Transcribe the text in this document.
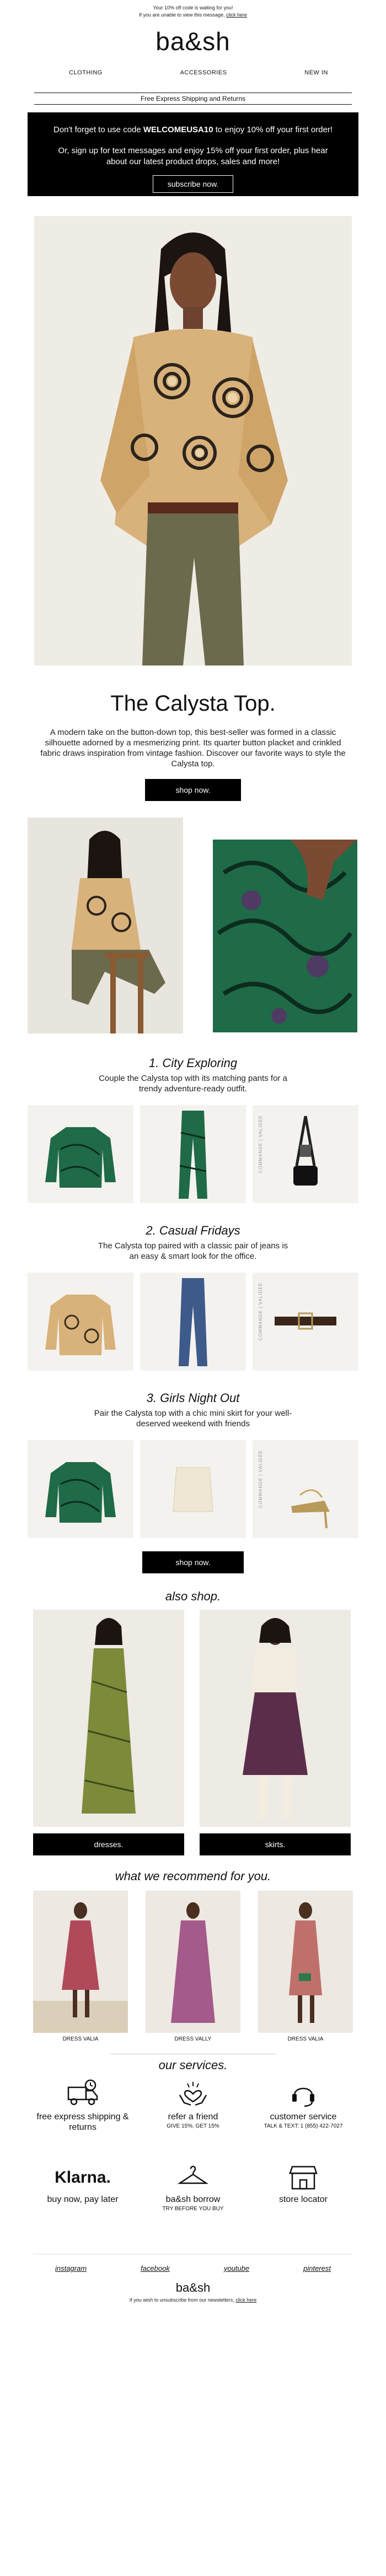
Your 10% off code is waiting for you!
If you are unable to view this message, click here
ba&sh
CLOTHING	ACCESSORIES	NEW IN
Free Express Shipping and Returns

Don't forget to use code WELCOMEUSA10 to enjoy 10% off your first order!

Or, sign up for text messages and enjoy 15% off your first order, plus hear about our latest product drops, sales and more!

subscribe now.
The Calysta Top.
A modern take on the button-down top, this best-seller was formed in a classic silhouette adorned by a mesmerizing print. Its quarter button placket and crinkled fabric draws inspiration from vintage fashion. Discover our favorite ways to style the Calysta top.
shop now.
1. City Exploring
Couple the Calysta top with its matching pants for a trendy adventure-ready outfit.
COMMANDE | VALIDÉE
2. Casual Fridays
The Calysta top paired with a classic pair of jeans is an easy & smart look for the office.
COMMANDE | VALIDÉE
3. Girls Night Out
Pair the Calysta top with a chic mini skirt for your well-deserved weekend with friends
COMMANDE | VALIDÉE
shop now.
also shop.
dresses.	skirts.
what we recommend for you.
DRESS VALIA	DRESS VALLY	DRESS VALIA
our services.
free express shipping & returns
refer a friend
GIVE 15%, GET 15%
customer service
TALK & TEXT: 1 (855) 422-7027
Klarna.
buy now, pay later	ba&sh borrow
TRY BEFORE YOU BUY
store locator
instagram	facebook	youtube	pinterest
ba&sh
If you wish to unsubscribe from our newsletters, click here
